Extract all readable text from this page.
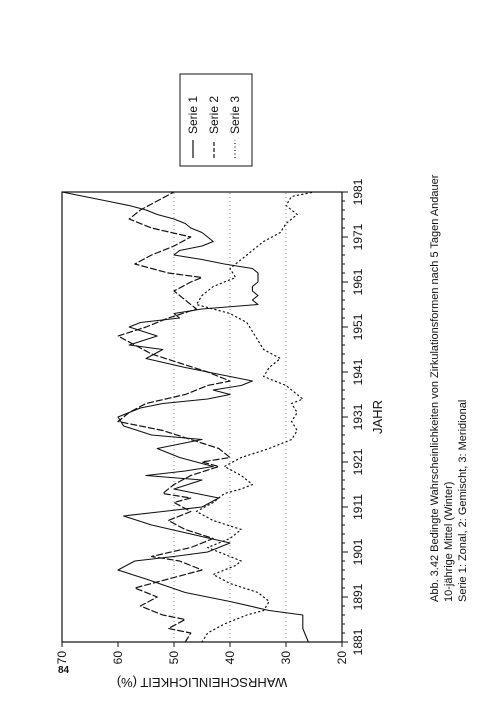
84
20
30
40
50
60
70
1881
1891
1901
1911
1921
1931
1941
1951
1961
1971
1981
WAHRSCHEINLICHKEIT (%)
JAHR
Serie 1 Serie 2 Serie 3
Abb. 3.42 Bedingte Wahrscheinlichkeiten von Zirkulationsformen nach 5 Tagen Andauer 10-jährige Mittel (Winter) Serie 1: Zonal, 2: Gemischt, 3: Meridional
